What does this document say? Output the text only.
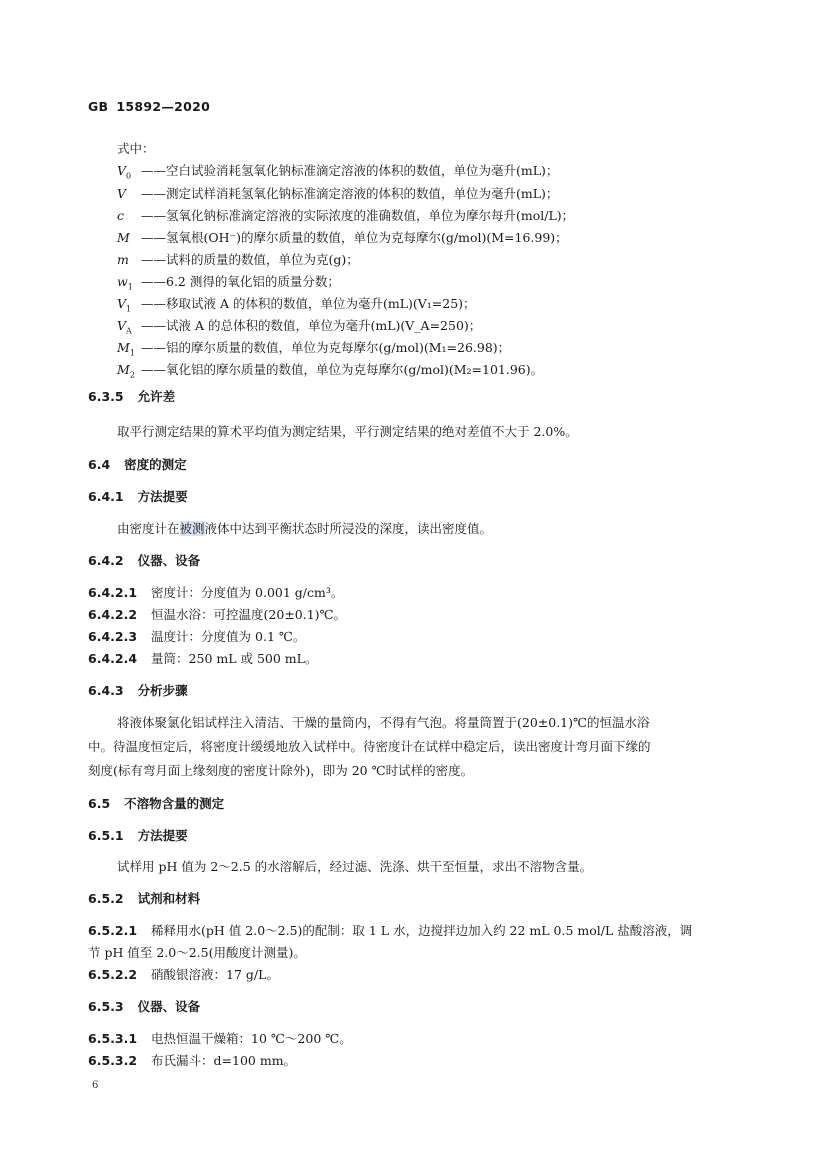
GB 15892—2020
式中：
$V_0$ ——空白试验消耗氢氧化钠标准滴定溶液的体积的数值，单位为毫升(mL)；
V ——测定试样消耗氢氧化钠标准滴定溶液的体积的数值，单位为毫升(mL)；
c ——氢氧化钠标准滴定溶液的实际浓度的准确数值，单位为摩尔每升(mol/L)；
M ——氢氧根(OH⁻)的摩尔质量的数值，单位为克每摩尔(g/mol)(M=16.99)；
m ——试料的质量的数值，单位为克(g)；
$w_1$ ——6.2 测得的氧化铝的质量分数；
$V_1$ ——移取试液 A 的体积的数值，单位为毫升(mL)(V₁=25)；
$V_A$ ——试液 A 的总体积的数值，单位为毫升(mL)(V_A=250)；
$M_1$ ——铝的摩尔质量的数值，单位为克每摩尔(g/mol)(M₁=26.98)；
$M_2$ ——氧化铝的摩尔质量的数值，单位为克每摩尔(g/mol)(M₂=101.96)。
6.3.5 允许差
取平行测定结果的算术平均值为测定结果，平行测定结果的绝对差值不大于 2.0%。
6.4 密度的测定
6.4.1 方法提要
由密度计在被测液体中达到平衡状态时所浸没的深度，读出密度值。
6.4.2 仪器、设备
6.4.2.1 密度计：分度值为 0.001 g/cm³。
6.4.2.2 恒温水浴：可控温度(20±0.1)℃。
6.4.2.3 温度计：分度值为 0.1 ℃。
6.4.2.4 量筒：250 mL 或 500 mL。
6.4.3 分析步骤
将液体聚氯化铝试样注入清洁、干燥的量筒内，不得有气泡。将量筒置于(20±0.1)℃的恒温水浴
中。待温度恒定后，将密度计缓缓地放入试样中。待密度计在试样中稳定后，读出密度计弯月面下缘的
刻度(标有弯月面上缘刻度的密度计除外)，即为 20 ℃时试样的密度。
6.5 不溶物含量的测定
6.5.1 方法提要
试样用 pH 值为 2～2.5 的水溶解后，经过滤、洗涤、烘干至恒量，求出不溶物含量。
6.5.2 试剂和材料
6.5.2.1 稀释用水(pH 值 2.0～2.5)的配制：取 1 L 水，边搅拌边加入约 22 mL 0.5 mol/L 盐酸溶液，调
节 pH 值至 2.0～2.5(用酸度计测量)。
6.5.2.2 硝酸银溶液：17 g/L。
6.5.3 仪器、设备
6.5.3.1 电热恒温干燥箱：10 ℃～200 ℃。
6.5.3.2 布氏漏斗：d=100 mm。
6
